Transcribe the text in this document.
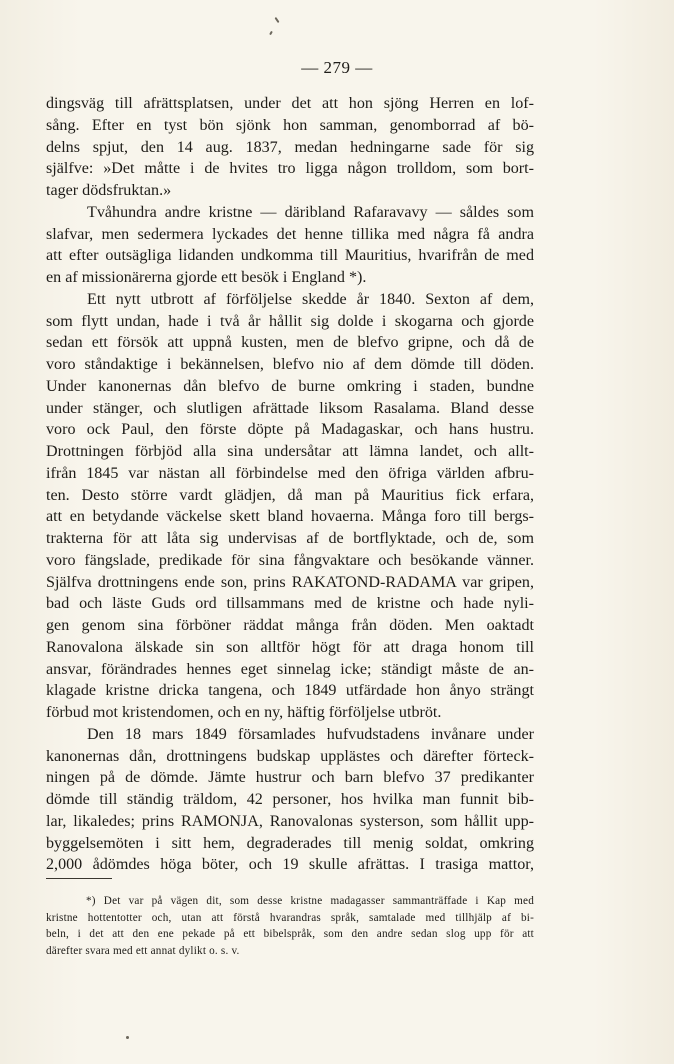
— 279 —
dingsväg till afrättsplatsen, under det att hon sjöng Herren en lof-
sång. Efter en tyst bön sjönk hon samman, genomborrad af bö-
delns spjut, den 14 aug. 1837, medan hedningarne sade för sig
själfve: »Det måtte i de hvites tro ligga någon trolldom, som bort-
tager dödsfruktan.»
Tvåhundra andre kristne — däribland Rafaravavy — såldes som
slafvar, men sedermera lyckades det henne tillika med några få andra
att efter outsägliga lidanden undkomma till Mauritius, hvarifrån de med
en af missionärerna gjorde ett besök i England *).
Ett nytt utbrott af förföljelse skedde år 1840. Sexton af dem,
som flytt undan, hade i två år hållit sig dolde i skogarna och gjorde
sedan ett försök att uppnå kusten, men de blefvo gripne, och då de
voro ståndaktige i bekännelsen, blefvo nio af dem dömde till döden.
Under kanonernas dån blefvo de burne omkring i staden, bundne
under stänger, och slutligen afrättade liksom Rasalama. Bland desse
voro ock Paul, den förste döpte på Madagaskar, och hans hustru.
Drottningen förbjöd alla sina undersåtar att lämna landet, och allt-
ifrån 1845 var nästan all förbindelse med den öfriga världen afbru-
ten. Desto större vardt glädjen, då man på Mauritius fick erfara,
att en betydande väckelse skett bland hovaerna. Många foro till bergs-
trakterna för att låta sig undervisas af de bortflyktade, och de, som
voro fängslade, predikade för sina fångvaktare och besökande vänner.
Själfva drottningens ende son, prins RAKATOND-RADAMA var gripen,
bad och läste Guds ord tillsammans med de kristne och hade nyli-
gen genom sina förböner räddat många från döden. Men oaktadt
Ranovalona älskade sin son alltför högt för att draga honom till
ansvar, förändrades hennes eget sinnelag icke; ständigt måste de an-
klagade kristne dricka tangena, och 1849 utfärdade hon ånyo strängt
förbud mot kristendomen, och en ny, häftig förföljelse utbröt.
Den 18 mars 1849 församlades hufvudstadens invånare under
kanonernas dån, drottningens budskap upplästes och därefter förteck-
ningen på de dömde. Jämte hustrur och barn blefvo 37 predikanter
dömde till ständig träldom, 42 personer, hos hvilka man funnit bib-
lar, likaledes; prins RAMONJA, Ranovalonas systerson, som hållit upp-
byggelsemöten i sitt hem, degraderades till menig soldat, omkring
2,000 ådömdes höga böter, och 19 skulle afrättas. I trasiga mattor,
*) Det var på vägen dit, som desse kristne madagasser sammanträffade i Kap med
kristne hottentotter och, utan att förstå hvarandras språk, samtalade med tillhjälp af bi-
beln, i det att den ene pekade på ett bibelspråk, som den andre sedan slog upp för att
därefter svara med ett annat dylikt o. s. v.
